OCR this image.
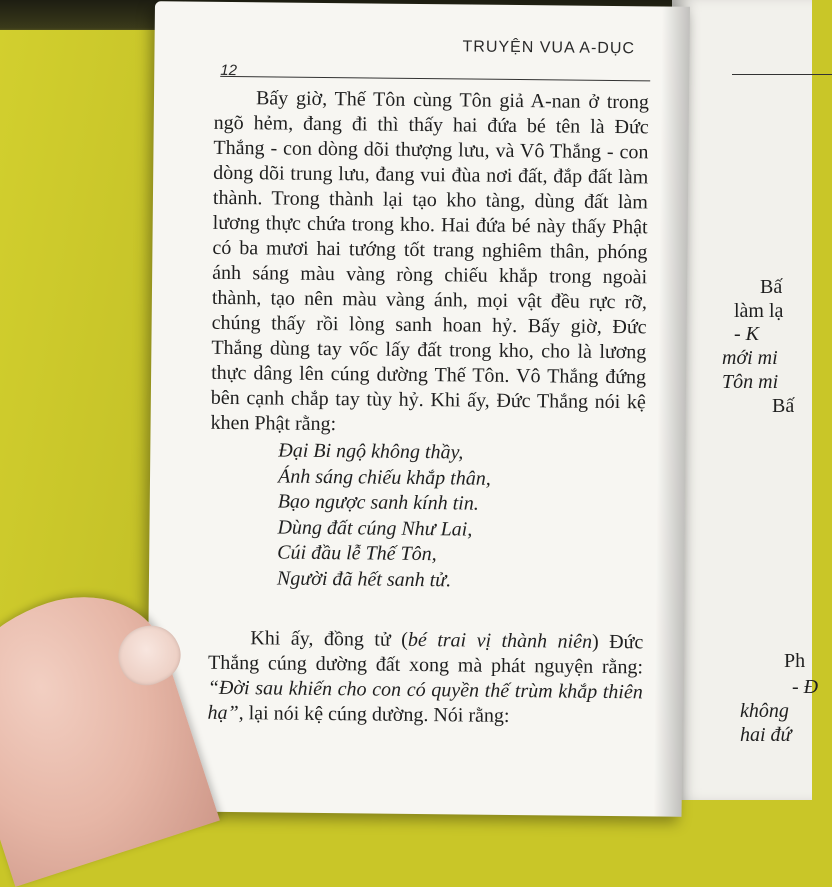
Bấ
làm lạ
- K
mới mi
Tôn mi
Bấ
Ph
- Đ
không
hai đứ
TRUYỆN VUA A-DỤC
12

Bấy giờ, Thế Tôn cùng Tôn giả A-nan ở trong ngõ hẻm, đang đi thì thấy hai đứa bé tên là Đức Thắng - con dòng dõi thượng lưu, và Vô Thắng - con dòng dõi trung lưu, đang vui đùa nơi đất, đắp đất làm thành. Trong thành lại tạo kho tàng, dùng đất làm lương thực chứa trong kho. Hai đứa bé này thấy Phật có ba mươi hai tướng tốt trang nghiêm thân, phóng ánh sáng màu vàng ròng chiếu khắp trong ngoài thành, tạo nên màu vàng ánh, mọi vật đều rực rỡ, chúng thấy rồi lòng sanh hoan hỷ. Bấy giờ, Đức Thắng dùng tay vốc lấy đất trong kho, cho là lương thực dâng lên cúng dường Thế Tôn. Vô Thắng đứng bên cạnh chắp tay tùy hỷ. Khi ấy, Đức Thắng nói kệ khen Phật rằng:

Đại Bi ngộ không thầy,
Ánh sáng chiếu khắp thân,
Bạo ngược sanh kính tin.
Dùng đất cúng Như Lai,
Cúi đầu lễ Thế Tôn,
Người đã hết sanh tử.

Khi ấy, đồng tử (bé trai vị thành niên) Đức Thắng cúng dường đất xong mà phát nguyện rằng: “Đời sau khiến cho con có quyền thế trùm khắp thiên hạ”, lại nói kệ cúng dường. Nói rằng:
